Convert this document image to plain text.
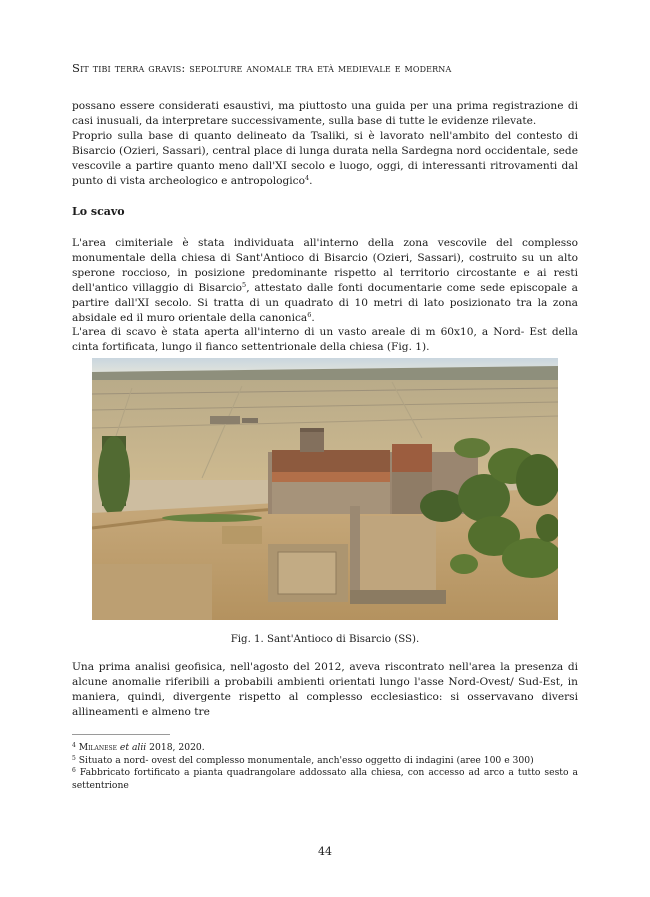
Sit tibi terra gravis: sepolture anomale tra età medievale e moderna

possano essere considerati esaustivi, ma piuttosto una guida per una prima registrazione di casi inusuali, da interpretare successivamente, sulla base di tutte le evidenze rilevate.

Proprio sulla base di quanto delineato da Tsaliki, si è lavorato nell'ambito del contesto di Bisarcio (Ozieri, Sassari), central place di lunga durata nella Sardegna nord occidentale, sede vescovile a partire quanto meno dall'XI secolo e luogo, oggi, di interessanti ritrovamenti dal punto di vista archeologico e antropologico$^4$.

Lo scavo

L'area cimiteriale è stata individuata all'interno della zona vescovile del complesso monumentale della chiesa di Sant'Antioco di Bisarcio (Ozieri, Sassari), costruito su un alto sperone roccioso, in posizione predominante rispetto al territorio circostante e ai resti dell'antico villaggio di Bisarcio$^5$, attestato dalle fonti documentarie come sede episcopale a partire dall'XI secolo. Si tratta di un quadrato di 10 metri di lato posizionato tra la zona absidale ed il muro orientale della canonica$^6$.

L'area di scavo è stata aperta all'interno di un vasto areale di m 60x10, a Nord- Est della cinta fortificata, lungo il fianco settentrionale della chiesa (Fig. 1).

Fig. 1. Sant'Antioco di Bisarcio (SS).

Una prima analisi geofisica, nell'agosto del 2012, aveva riscontrato nell'area la presenza di alcune anomalie riferibili a probabili ambienti orientati lungo l'asse Nord-Ovest/ Sud-Est, in maniera, quindi, divergente rispetto al complesso ecclesiastico: si osservavano diversi allineamenti e almeno tre

$^4$ Milanese et alii 2018, 2020.

$^5$ Situato a nord- ovest del complesso monumentale, anch'esso oggetto di indagini (aree 100 e 300)

$^6$ Fabbricato fortificato a pianta quadrangolare addossato alla chiesa, con accesso ad arco a tutto sesto a settentrione

44
